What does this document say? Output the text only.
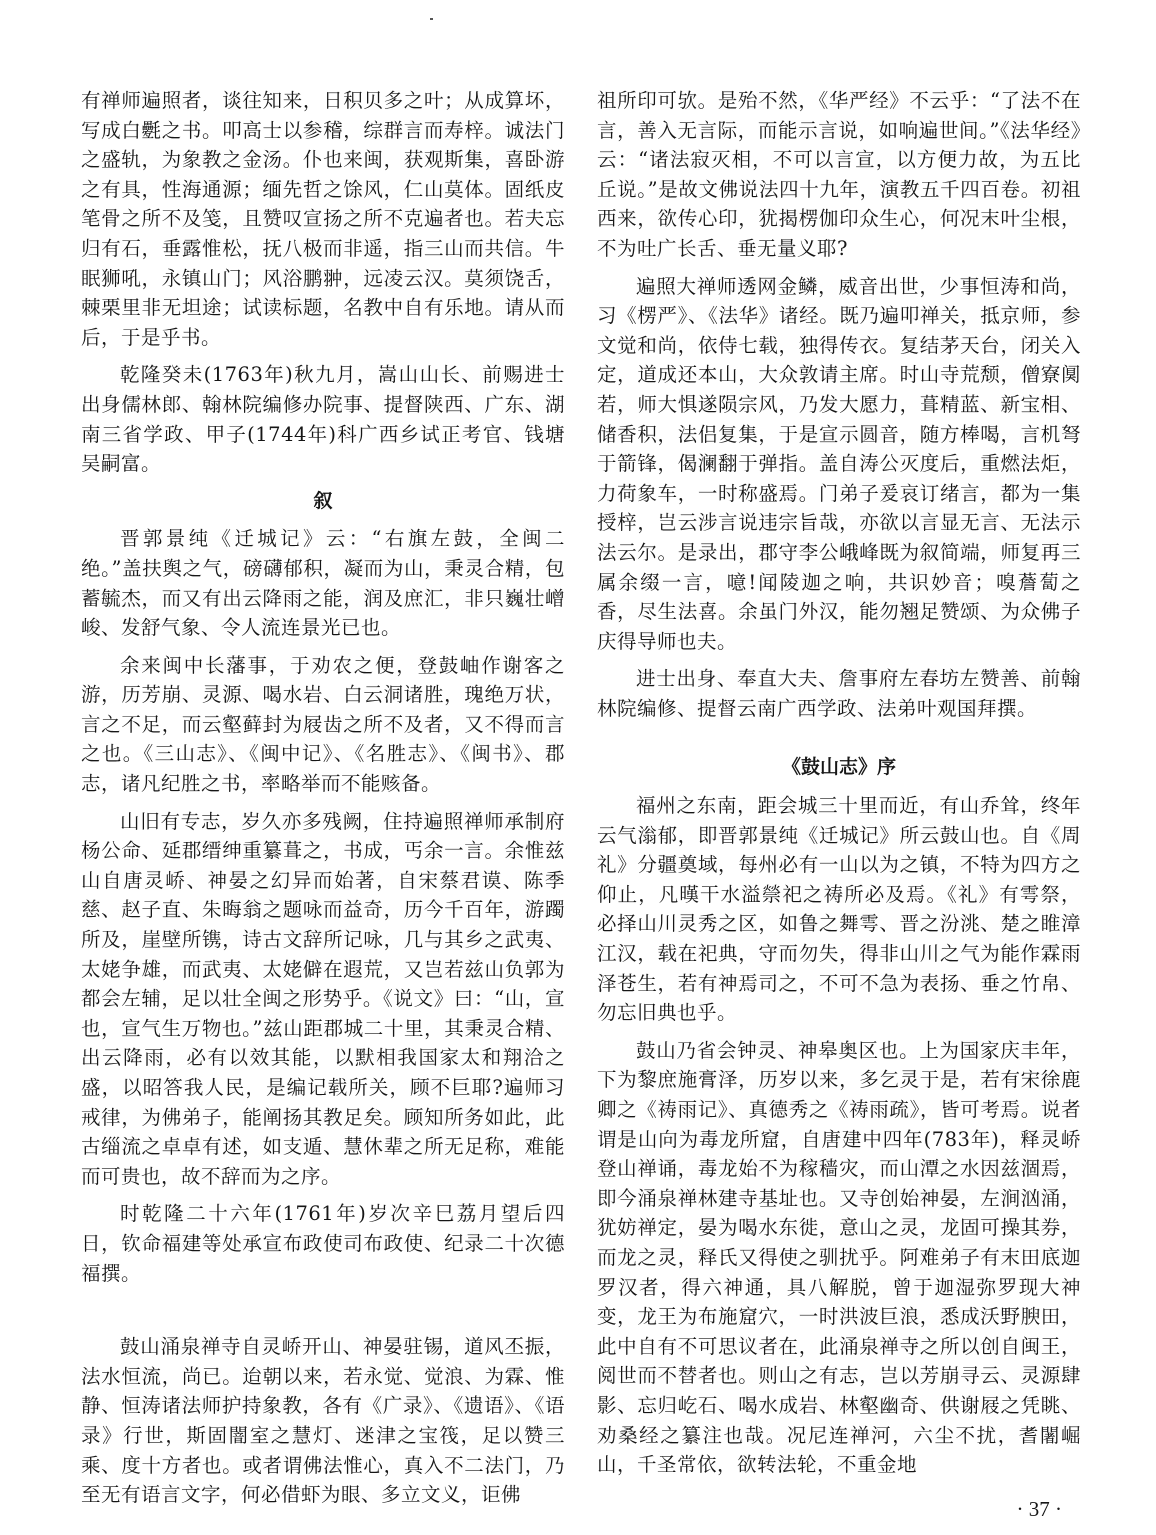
有禅师遍照者，谈往知来，日积贝多之叶；从成算坏，写成白氎之书。叩高士以参稽，综群言而寿梓。诚法门之盛轨，为象教之金汤。仆也来闽，获观斯集，喜卧游之有具，性海通源；缅先哲之馀风，仁山莫体。固纸皮笔骨之所不及笺，且赞叹宣扬之所不克遍者也。若夫忘归有石，垂露惟松，抚八极而非遥，指三山而共信。牛眠狮吼，永镇山门；风浴鹏翀，远凌云汉。莫须饶舌，棘栗里非无坦途；试读标题，名教中自有乐地。请从而后，于是乎书。

乾隆癸未(1763年)秋九月，嵩山山长、前赐进士出身儒林郎、翰林院编修办院事、提督陕西、广东、湖南三省学政、甲子(1744年)科广西乡试正考官、钱塘吴嗣富。

叙

晋郭景纯《迁城记》云：“右旗左鼓，全闽二绝。”盖扶舆之气，磅礴郁积，凝而为山，秉灵合精，包蓄毓杰，而又有出云降雨之能，润及庶汇，非只巍壮嶒峻、发舒气象、令人流连景光已也。

余来闽中长藩事，于劝农之便，登鼓岫作谢客之游，历芳崩、灵源、喝水岩、白云洞诸胜，瑰绝万状，言之不足，而云壑藓封为屐齿之所不及者，又不得而言之也。《三山志》、《闽中记》、《名胜志》、《闽书》、郡志，诸凡纪胜之书，率略举而不能赅备。

山旧有专志，岁久亦多残阙，住持遍照禅师承制府杨公命、延郡缙绅重纂葺之，书成，丐余一言。余惟兹山自唐灵峤、神晏之幻异而始著，自宋蔡君谟、陈季慈、赵子直、朱晦翁之题咏而益奇，历今千百年，游躅所及，崖壁所镌，诗古文辞所记咏，几与其乡之武夷、太姥争雄，而武夷、太姥僻在遐荒，又岂若兹山负郭为都会左辅，足以壮全闽之形势乎。《说文》曰：“山，宣也，宣气生万物也。”兹山距郡城二十里，其秉灵合精、出云降雨，必有以效其能，以默相我国家太和翔洽之盛，以昭答我人民，是编记载所关，顾不巨耶?遍师习戒律，为佛弟子，能阐扬其教足矣。顾知所务如此，此古缁流之卓卓有述，如支遁、慧休辈之所无足称，难能而可贵也，故不辞而为之序。

时乾隆二十六年(1761年)岁次辛巳荔月望后四日，钦命福建等处承宣布政使司布政使、纪录二十次德福撰。

鼓山涌泉禅寺自灵峤开山、神晏驻锡，道风丕振，法水恒流，尚已。迨朝以来，若永觉、觉浪、为霖、惟静、恒涛诸法师护持象教，各有《广录》、《遗语》、《语录》行世，斯固闇室之慧灯、迷津之宝筏，足以赞三乘、度十方者也。或者谓佛法惟心，真入不二法门，乃至无有语言文字，何必借虾为眼、多立文义，讵佛

祖所印可欤。是殆不然，《华严经》不云乎：“了法不在言，善入无言际，而能示言说，如响遍世间。”《法华经》云：“诸法寂灭相，不可以言宣，以方便力故，为五比丘说。”是故文佛说法四十九年，演教五千四百卷。初祖西来，欲传心印，犹揭楞伽印众生心，何况末叶尘根，不为吐广长舌、垂无量义耶?

遍照大禅师透网金鳞，威音出世，少事恒涛和尚，习《楞严》、《法华》诸经。既乃遍叩禅关，抵京师，参文觉和尚，依侍七载，独得传衣。复结茅天台，闭关入定，道成还本山，大众敦请主席。时山寺荒颓，僧寮阒若，师大惧遂陨宗风，乃发大愿力，葺精蓝、新宝相、储香积，法侣复集，于是宣示圆音，随方棒喝，言机弩于箭锋，偈澜翻于弹指。盖自涛公灭度后，重燃法炬，力荷象车，一时称盛焉。门弟子爰哀订绪言，都为一集授梓，岂云涉言说违宗旨哉，亦欲以言显无言、无法示法云尔。是录出，郡守李公峨峰既为叙简端，师复再三属余缀一言，噫!闻陵迦之响，共识妙音；嗅薝蔔之香，尽生法喜。余虽门外汉，能勿翘足赞颂、为众佛子庆得导师也夫。

进士出身、奉直大夫、詹事府左春坊左赞善、前翰林院编修、提督云南广西学政、法弟叶观国拜撰。

《鼓山志》序

福州之东南，距会城三十里而近，有山乔耸，终年云气滃郁，即晋郭景纯《迁城记》所云鼓山也。自《周礼》分疆奠域，每州必有一山以为之镇，不特为四方之仰止，凡暵干水溢禜祀之祷所必及焉。《礼》有雩祭，必择山川灵秀之区，如鲁之舞雩、晋之汾洮、楚之睢漳江汉，载在祀典，守而勿失，得非山川之气为能作霖雨泽苍生，若有神焉司之，不可不急为表扬、垂之竹帛、勿忘旧典也乎。

鼓山乃省会钟灵、神皋奥区也。上为国家庆丰年，下为黎庶施膏泽，历岁以来，多乞灵于是，若有宋徐鹿卿之《祷雨记》、真德秀之《祷雨疏》，皆可考焉。说者谓是山向为毒龙所窟，自唐建中四年(783年)，释灵峤登山禅诵，毒龙始不为稼穑灾，而山潭之水因兹涸焉，即今涌泉禅林建寺基址也。又寺创始神晏，左涧汹涌，犹妨禅定，晏为喝水东徙，意山之灵，龙固可操其券，而龙之灵，释氏又得使之驯扰乎。阿难弟子有末田底迦罗汉者，得六神通，具八解脱，曾于迦湿弥罗现大神变，龙王为布施窟穴，一时洪波巨浪，悉成沃野腴田，此中自有不可思议者在，此涌泉禅寺之所以创自闽王，阅世而不替者也。则山之有志，岂以芳崩寻云、灵源肆影、忘归屹石、喝水成岩、林壑幽奇、供谢屐之凭眺、劝桑经之纂注也哉。况尼连禅河，六尘不扰，耆闍崛山，千圣常依，欲转法轮，不重金地

· 37 ·
